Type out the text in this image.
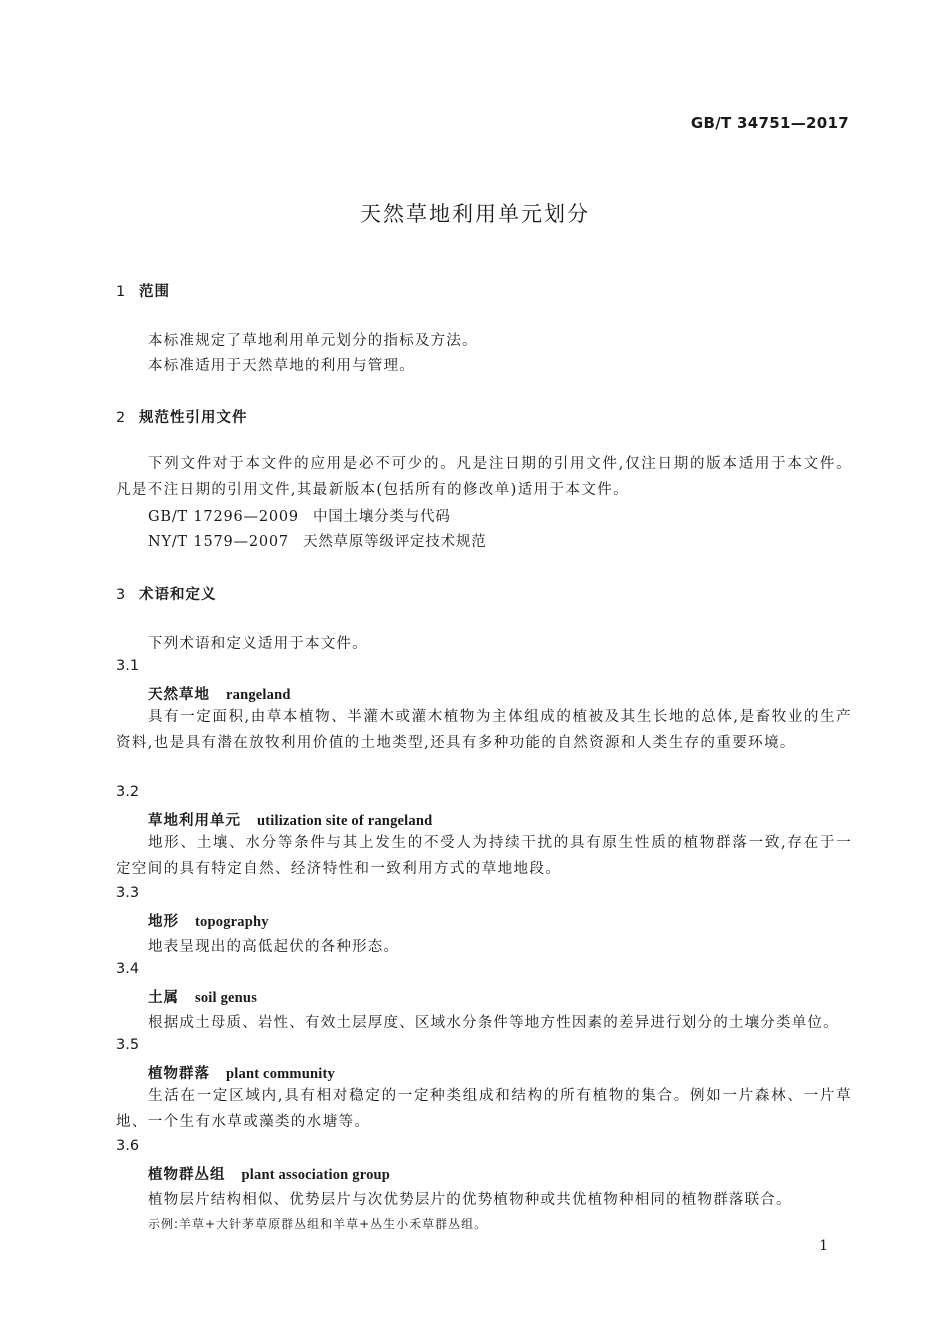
GB/T 34751—2017
天然草地利用单元划分
1 范围
本标准规定了草地利用单元划分的指标及方法。
本标准适用于天然草地的利用与管理。
2 规范性引用文件
下列文件对于本文件的应用是必不可少的。凡是注日期的引用文件,仅注日期的版本适用于本文件。凡是不注日期的引用文件,其最新版本(包括所有的修改单)适用于本文件。
GB/T 17296—2009 中国土壤分类与代码
NY/T 1579—2007 天然草原等级评定技术规范
3 术语和定义
下列术语和定义适用于本文件。
3.1
天然草地 rangeland
具有一定面积,由草本植物、半灌木或灌木植物为主体组成的植被及其生长地的总体,是畜牧业的生产资料,也是具有潜在放牧利用价值的土地类型,还具有多种功能的自然资源和人类生存的重要环境。
3.2
草地利用单元 utilization site of rangeland
地形、土壤、水分等条件与其上发生的不受人为持续干扰的具有原生性质的植物群落一致,存在于一定空间的具有特定自然、经济特性和一致利用方式的草地地段。
3.3
地形 topography
地表呈现出的高低起伏的各种形态。
3.4
土属 soil genus
根据成土母质、岩性、有效土层厚度、区域水分条件等地方性因素的差异进行划分的土壤分类单位。
3.5
植物群落 plant community
生活在一定区域内,具有相对稳定的一定种类组成和结构的所有植物的集合。例如一片森林、一片草地、一个生有水草或藻类的水塘等。
3.6
植物群丛组 plant association group
植物层片结构相似、优势层片与次优势层片的优势植物种或共优植物种相同的植物群落联合。
示例:羊草+大针茅草原群丛组和羊草+丛生小禾草群丛组。
1
